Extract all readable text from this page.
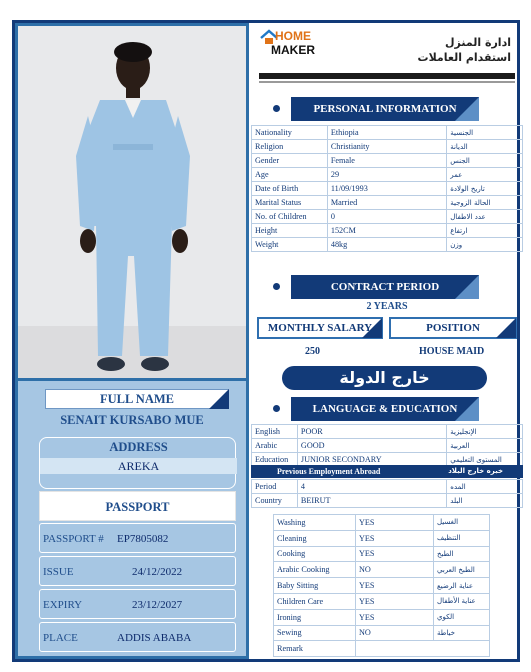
FULL NAME
SENAIT KURSABO MUE
ADDRESS
AREKA
PASSPORT
PASSPORT # EP7805082
ISSUE	24/12/2022
EXPIRY	23/12/2027
PLACE	ADDIS ABABA
HOME
MAKER
ادارة المنزل
استقدام العاملات
PERSONAL INFORMATION
Nationality	Ethiopia	الجنسية
Religion	Christianity	الديانة
Gender	Female	الجنس
Age	29	عمر
Date of Birth	11/09/1993	تاريخ الولادة
Marital Status	Married	الحالة الزوجية
No. of Children	0	عدد الاطفال
Height	152CM	ارتفاع
Weight	48kg	وزن
CONTRACT PERIOD
2 YEARS
MONTHLY SALARY	POSITION
250	HOUSE MAID
خارج الدولة
LANGUAGE & EDUCATION
English	POOR	الإنجليزية
Arabic	GOOD	العربية
Education	JUNIOR SECONDARY	المستوى التعليمي
Previous Employment Abroad	خبره خارج البلاد
Period	4	المده
Country	BEIRUT	البلد
Washing	YES	الغسيل
Cleaning	YES	التنظيف
Cooking	YES	الطبخ
Arabic Cooking	NO	الطبخ العربي
Baby Sitting	YES	عناية الرضيع
Children Care	YES	عناية الأطفال
Ironing	YES	الكوي
Sewing	NO	خياطة
Remark		
